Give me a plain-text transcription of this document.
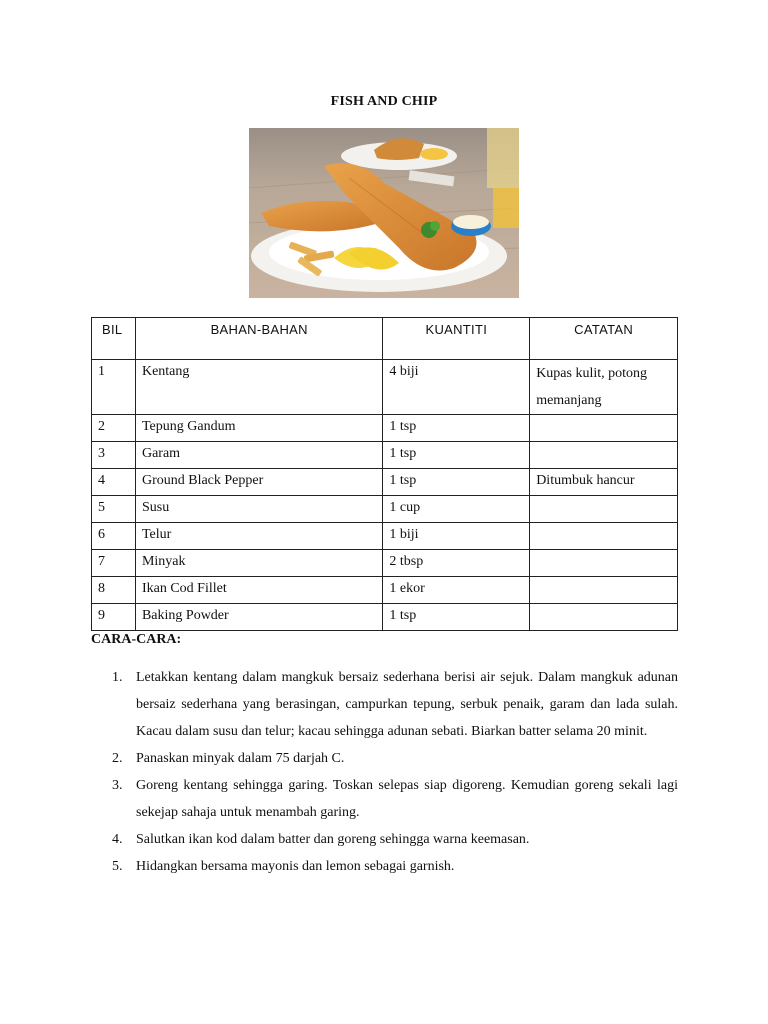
FISH AND CHIP
BIL	BAHAN-BAHAN	KUANTITI	CATATAN
1	Kentang	4 biji	Kupas kulit, potong memanjang
2	Tepung Gandum	1 tsp	
3	Garam	1 tsp	
4	Ground Black Pepper	1 tsp	Ditumbuk hancur
5	Susu	1 cup	
6	Telur	1 biji	
7	Minyak	2 tbsp	
8	Ikan Cod Fillet	1 ekor	
9	Baking Powder	1 tsp	
CARA-CARA:
1. Letakkan kentang dalam mangkuk bersaiz sederhana berisi air sejuk. Dalam mangkuk adunan bersaiz sederhana yang berasingan, campurkan tepung, serbuk penaik, garam dan lada sulah. Kacau dalam susu dan telur; kacau sehingga adunan sebati. Biarkan batter selama 20 minit.
2. Panaskan minyak dalam 75 darjah C.
3. Goreng kentang sehingga garing. Toskan selepas siap digoreng. Kemudian goreng sekali lagi sekejap sahaja untuk menambah garing.
4. Salutkan ikan kod dalam batter dan goreng sehingga warna keemasan.
5. Hidangkan bersama mayonis dan lemon sebagai garnish.
